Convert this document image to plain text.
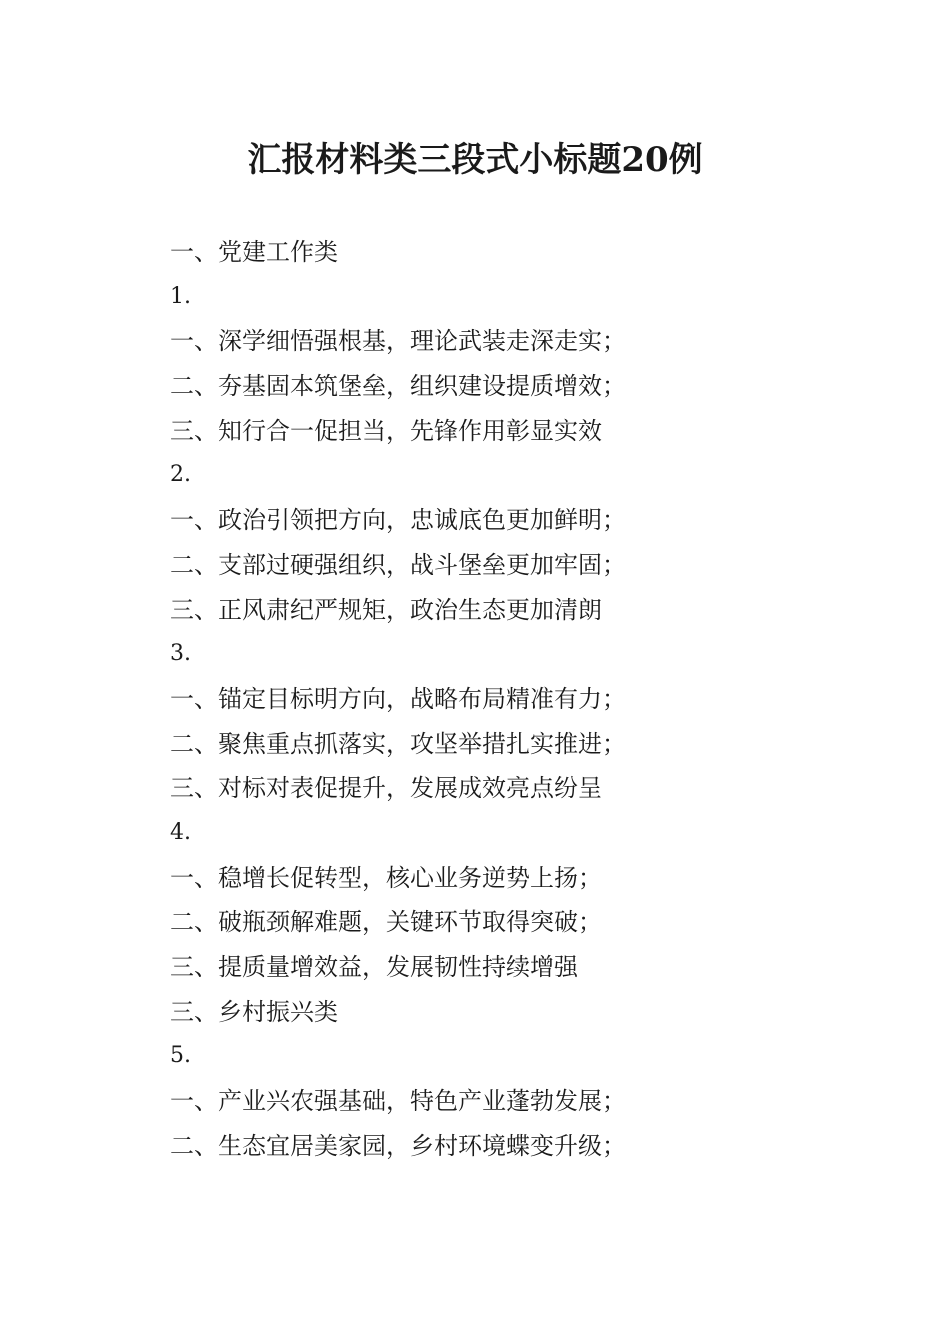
汇报材料类三段式小标题20例

一、党建工作类

1.

一、深学细悟强根基，理论武装走深走实；

二、夯基固本筑堡垒，组织建设提质增效；

三、知行合一促担当，先锋作用彰显实效

2.

一、政治引领把方向，忠诚底色更加鲜明；

二、支部过硬强组织，战斗堡垒更加牢固；

三、正风肃纪严规矩，政治生态更加清朗

3.

一、锚定目标明方向，战略布局精准有力；

二、聚焦重点抓落实，攻坚举措扎实推进；

三、对标对表促提升，发展成效亮点纷呈

4.

一、稳增长促转型，核心业务逆势上扬；

二、破瓶颈解难题，关键环节取得突破；

三、提质量增效益，发展韧性持续增强

三、乡村振兴类

5.

一、产业兴农强基础，特色产业蓬勃发展；

二、生态宜居美家园，乡村环境蝶变升级；
